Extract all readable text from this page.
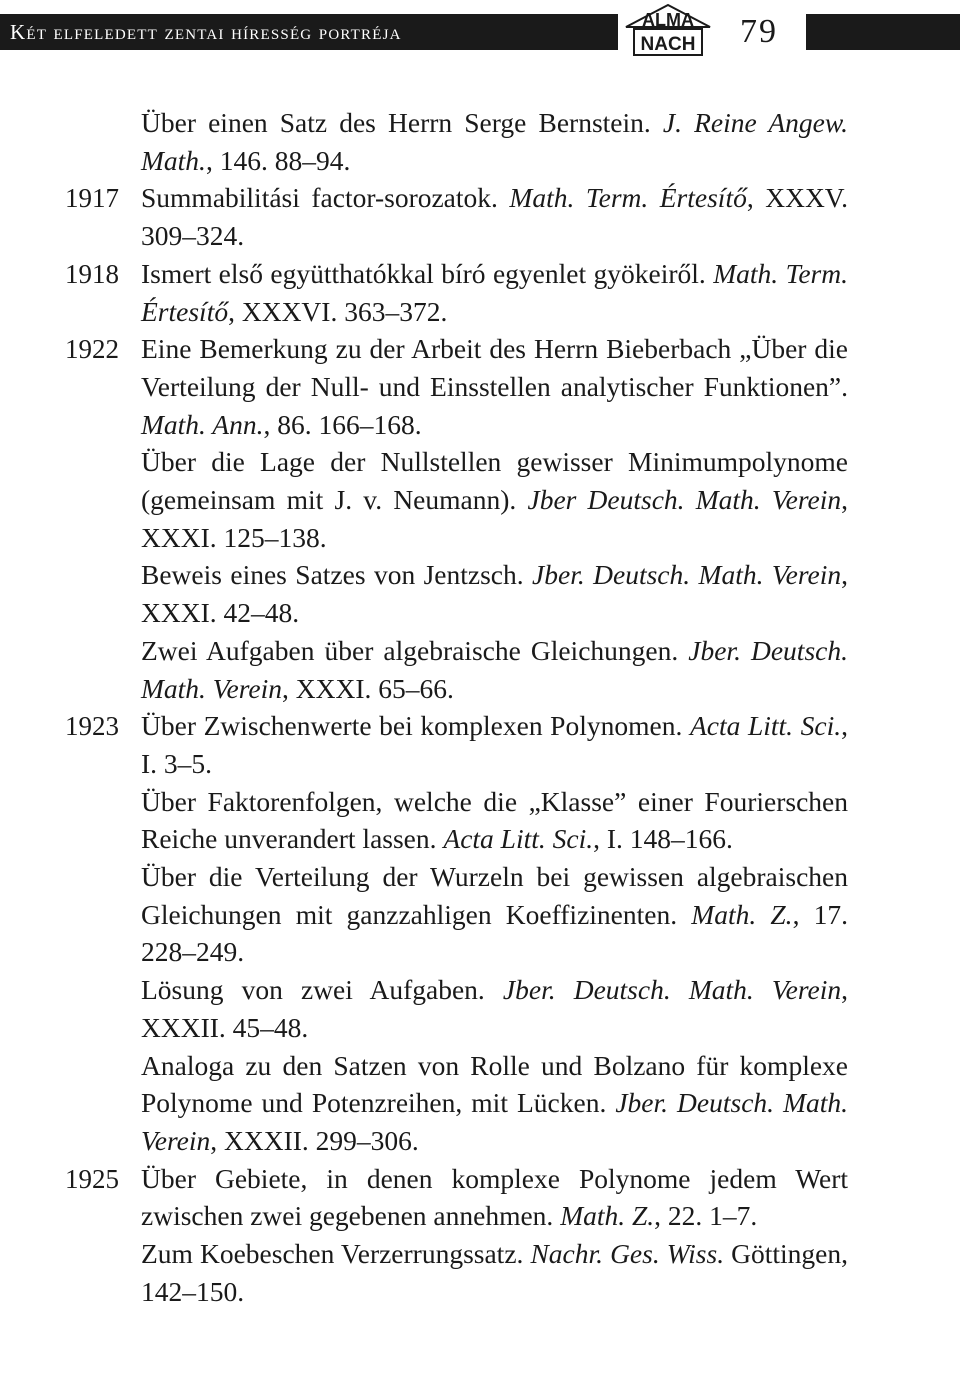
Két elfeledett zentai híresség portréja	ALMA
NACH 79
Über einen Satz des Herrn Serge Bernstein. J. Reine Angew. Math., 146. 88–94.
1917 Summabilitási factor-sorozatok. Math. Term. Értesítő, XXXV. 309–324.
1918 Ismert első együtthatókkal bíró egyenlet gyökeiről. Math. Term. Értesítő, XXXVI. 363–372.
1922 Eine Bemerkung zu der Arbeit des Herrn Bieberbach „Über die Verteilung der Null- und Einsstellen analytischer Funktionen”. Math. Ann., 86. 166–168.
Über die Lage der Nullstellen gewisser Minimumpolynome (gemeinsam mit J. v. Neumann). Jber Deutsch. Math. Verein, XXXI. 125–138.
Beweis eines Satzes von Jentzsch. Jber. Deutsch. Math. Verein, XXXI. 42–48.
Zwei Aufgaben über algebraische Gleichungen. Jber. Deutsch. Math. Verein, XXXI. 65–66.
1923 Über Zwischenwerte bei komplexen Polynomen. Acta Litt. Sci., I. 3–5.
Über Faktorenfolgen, welche die „Klasse” einer Fourierschen Reiche unverandert lassen. Acta Litt. Sci., I. 148–166.
Über die Verteilung der Wurzeln bei gewissen algebraischen Gleichungen mit ganzzahligen Koeffizinenten. Math. Z., 17. 228–249.
Lösung von zwei Aufgaben. Jber. Deutsch. Math. Verein, XXXII. 45–48.
Analoga zu den Satzen von Rolle und Bolzano für komplexe Polynome und Potenzreihen, mit Lücken. Jber. Deutsch. Math. Verein, XXXII. 299–306.
1925 Über Gebiete, in denen komplexe Polynome jedem Wert zwischen zwei gegebenen annehmen. Math. Z., 22. 1–7.
Zum Koebeschen Verzerrungssatz. Nachr. Ges. Wiss. Göttingen, 142–150.
